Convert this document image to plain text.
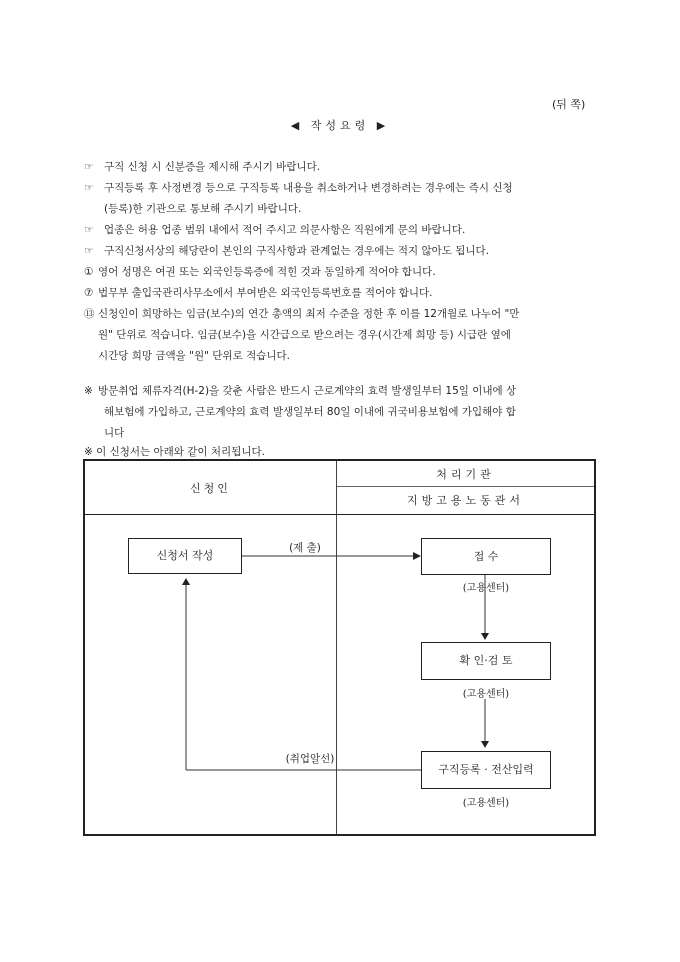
(뒤 쪽)
◀ 작성요령 ▶
☞ 구직 신청 시 신분증을 제시해 주시기 바랍니다.
☞ 구직등록 후 사정변경 등으로 구직등록 내용을 취소하거나 변경하려는 경우에는 즉시 신청
(등록)한 기관으로 통보해 주시기 바랍니다.
☞ 업종은 허용 업종 범위 내에서 적어 주시고 의문사항은 직원에게 문의 바랍니다.
☞ 구직신청서상의 해당란이 본인의 구직사항과 관계없는 경우에는 적지 않아도 됩니다.
① 영어 성명은 여권 또는 외국인등록증에 적힌 것과 동일하게 적어야 합니다.
⑦ 법무부 출입국관리사무소에서 부여받은 외국인등록번호를 적어야 합니다.
⑬ 신청인이 희망하는 임금(보수)의 연간 총액의 최저 수준을 정한 후 이를 12개월로 나누어 "만
원" 단위로 적습니다. 임금(보수)을 시간급으로 받으려는 경우(시간제 희망 등) 시급란 옆에
시간당 희망 금액을 "원" 단위로 적습니다.
※ 방문취업 체류자격(H-2)을 갖춘 사람은 반드시 근로계약의 효력 발생일부터 15일 이내에 상
해보험에 가입하고, 근로계약의 효력 발생일부터 80일 이내에 귀국비용보험에 가입해야 합
니다
※ 이 신청서는 아래와 같이 처리됩니다.
신청인
처리기관
지방고용노동관서
신청서 작성
(제 출)
접 수
(고용센터)
확 인·검 토
(고용센터)
구직등록 · 전산입력
(고용센터)
(취업알선)
